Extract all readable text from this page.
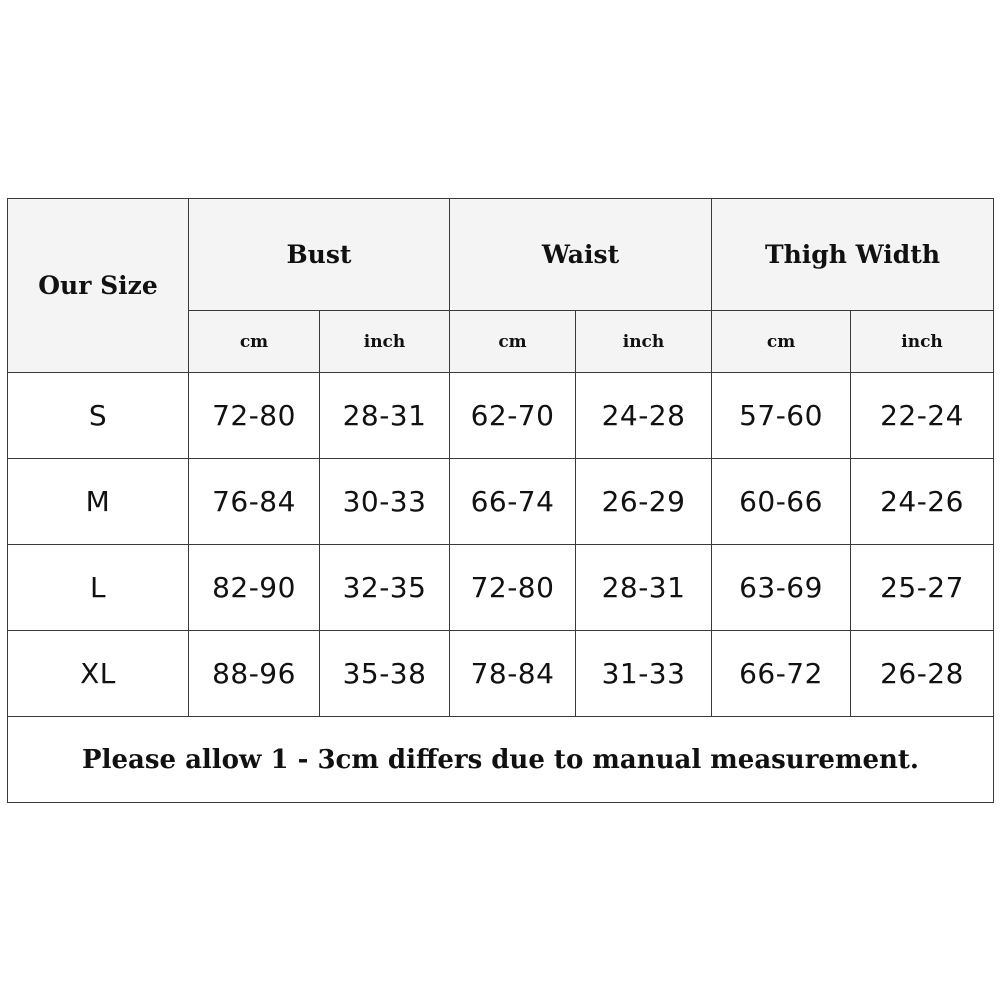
Our Size	Bust		Waist		Thigh Width	
	cm	inch	cm	inch	cm	inch
S	72-80	28-31	62-70	24-28	57-60	22-24
M	76-84	30-33	66-74	26-29	60-66	24-26
L	82-90	32-35	72-80	28-31	63-69	25-27
XL	88-96	35-38	78-84	31-33	66-72	26-28
Please allow 1 - 3cm differs due to manual measurement.						
